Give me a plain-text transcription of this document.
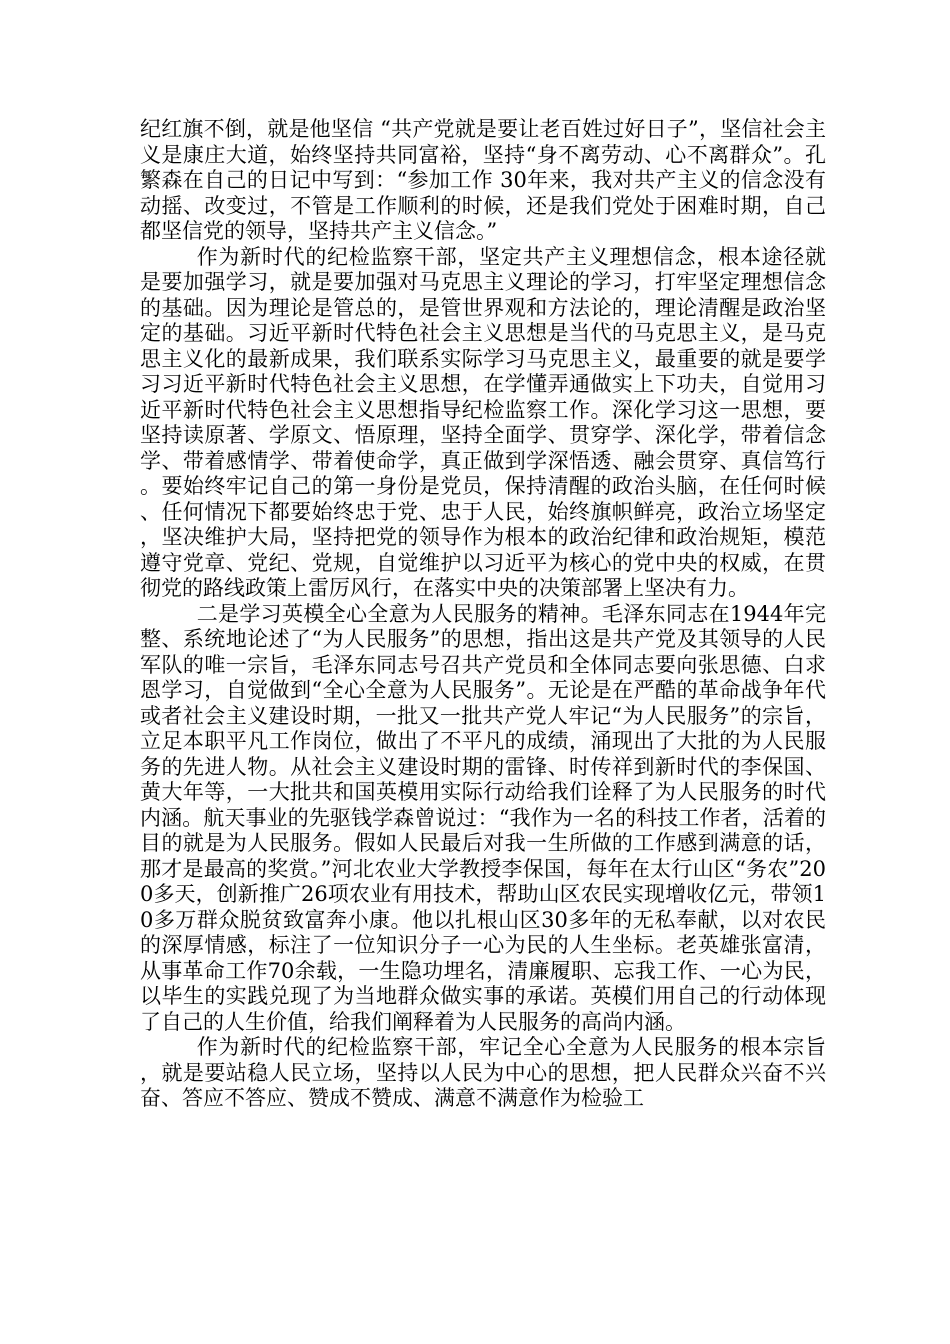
纪红旗不倒，就是他坚信 “共产党就是要让老百姓过好日子”，坚信社会主义是康庄大道，始终坚持共同富裕，坚持“身不离劳动、心不离群众”。孔繁森在自己的日记中写到：“参加工作 30年来，我对共产主义的信念没有动摇、改变过，不管是工作顺利的时候，还是我们党处于困难时期，自己都坚信党的领导，坚持共产主义信念。”

作为新时代的纪检监察干部，坚定共产主义理想信念，根本途径就是要加强学习，就是要加强对马克思主义理论的学习，打牢坚定理想信念的基础。因为理论是管总的，是管世界观和方法论的，理论清醒是政治坚定的基础。习近平新时代特色社会主义思想是当代的马克思主义，是马克思主义化的最新成果，我们联系实际学习马克思主义，最重要的就是要学习习近平新时代特色社会主义思想，在学懂弄通做实上下功夫，自觉用习近平新时代特色社会主义思想指导纪检监察工作。深化学习这一思想，要坚持读原著、学原文、悟原理，坚持全面学、贯穿学、深化学，带着信念学、带着感情学、带着使命学，真正做到学深悟透、融会贯穿、真信笃行。要始终牢记自己的第一身份是党员，保持清醒的政治头脑，在任何时候、任何情况下都要始终忠于党、忠于人民，始终旗帜鲜亮，政治立场坚定，坚决维护大局，坚持把党的领导作为根本的政治纪律和政治规矩，模范遵守党章、党纪、党规，自觉维护以习近平为核心的党中央的权威，在贯彻党的路线政策上雷厉风行，在落实中央的决策部署上坚决有力。

二是学习英模全心全意为人民服务的精神。毛泽东同志在1944年完整、系统地论述了“为人民服务”的思想，指出这是共产党及其领导的人民军队的唯一宗旨，毛泽东同志号召共产党员和全体同志要向张思德、白求恩学习，自觉做到“全心全意为人民服务”。无论是在严酷的革命战争年代或者社会主义建设时期，一批又一批共产党人牢记“为人民服务”的宗旨，立足本职平凡工作岗位，做出了不平凡的成绩，涌现出了大批的为人民服务的先进人物。从社会主义建设时期的雷锋、时传祥到新时代的李保国、黄大年等，一大批共和国英模用实际行动给我们诠释了为人民服务的时代内涵。航天事业的先驱钱学森曾说过：“我作为一名的科技工作者，活着的目的就是为人民服务。假如人民最后对我一生所做的工作感到满意的话，那才是最高的奖赏。”河北农业大学教授李保国，每年在太行山区“务农”200多天，创新推广26项农业有用技术，帮助山区农民实现增收亿元，带领10多万群众脱贫致富奔小康。他以扎根山区30多年的无私奉献，以对农民的深厚情感，标注了一位知识分子一心为民的人生坐标。老英雄张富清，从事革命工作70余载，一生隐功埋名，清廉履职、忘我工作、一心为民，以毕生的实践兑现了为当地群众做实事的承诺。英模们用自己的行动体现了自己的人生价值，给我们阐释着为人民服务的高尚内涵。

作为新时代的纪检监察干部，牢记全心全意为人民服务的根本宗旨，就是要站稳人民立场，坚持以人民为中心的思想，把人民群众兴奋不兴奋、答应不答应、赞成不赞成、满意不满意作为检验工
